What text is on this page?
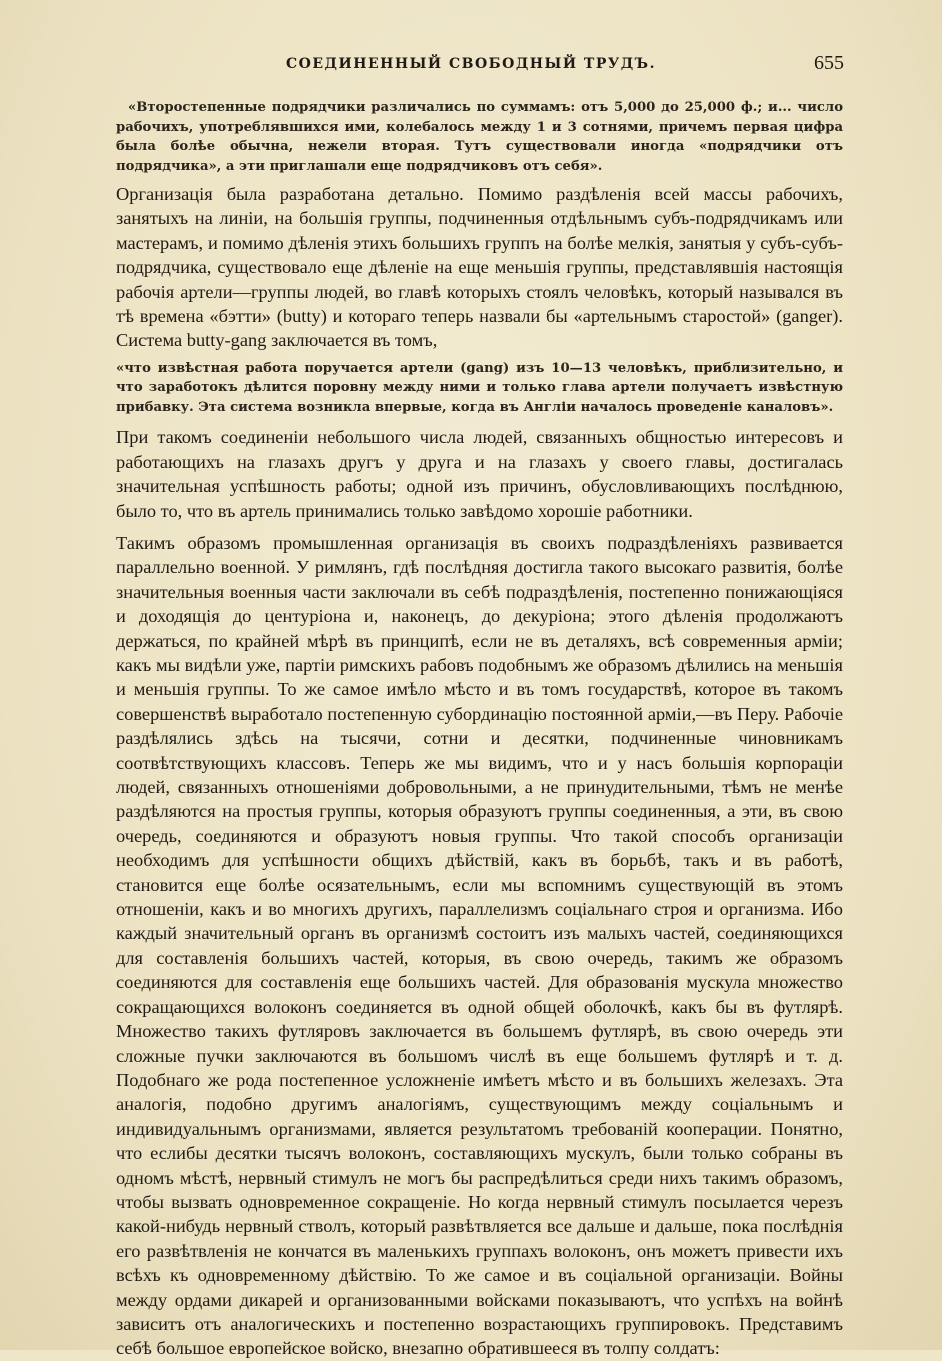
СОЕДИНЕННЫЙ СВОБОДНЫЙ ТРУДЪ.	655

«Второстепенные подрядчики различались по суммамъ: отъ 5,000 до 25,000 ф.; и... число рабочихъ, употреблявшихся ими, колебалось между 1 и 3 сотнями, причемъ первая цифра была болѣе обычна, нежели вторая. Тутъ существовали иногда «подрядчики отъ подрядчика», а эти приглашали еще подрядчиковъ отъ себя».

Организація была разработана детально. Помимо раздѣленія всей массы рабочихъ, занятыхъ на линіи, на большія группы, подчиненныя отдѣльнымъ субъ-подрядчикамъ или мастерамъ, и помимо дѣленія этихъ большихъ группъ на болѣе мелкія, занятыя у субъ-субъ-подрядчика, существовало еще дѣленіе на еще меньшія группы, представлявшія настоящія рабочія артели—группы людей, во главѣ которыхъ стоялъ человѣкъ, который назывался въ тѣ времена «бэтти» (butty) и котораго теперь назвали бы «артельнымъ старостой» (ganger). Система butty-gang заключается въ томъ,

«что извѣстная работа поручается артели (gang) изъ 10—13 человѣкъ, приблизительно, и что заработокъ дѣлится поровну между ними и только глава артели получаетъ извѣстную прибавку. Эта система возникла впервые, когда въ Англіи началось проведеніе каналовъ».

При такомъ соединеніи небольшого числа людей, связанныхъ общностью интересовъ и работающихъ на глазахъ другъ у друга и на глазахъ у своего главы, достигалась значительная успѣшность работы; одной изъ причинъ, обусловливающихъ послѣднюю, было то, что въ артель принимались только завѣдомо хорошіе работники.

Такимъ образомъ промышленная организація въ своихъ подраздѣленіяхъ развивается параллельно военной. У римлянъ, гдѣ послѣдняя достигла такого высокаго развитія, болѣе значительныя военныя части заключали въ себѣ подраздѣленія, постепенно понижающіяся и доходящія до центуріона и, наконецъ, до декуріона; этого дѣленія продолжаютъ держаться, по крайней мѣрѣ въ принципѣ, если не въ деталяхъ, всѣ современныя арміи; какъ мы видѣли уже, партіи римскихъ рабовъ подобнымъ же образомъ дѣлились на меньшія и меньшія группы. То же самое имѣло мѣсто и въ томъ государствѣ, которое въ такомъ совершенствѣ выработало постепенную субординацію постоянной арміи,—въ Перу. Рабочіе раздѣлялись здѣсь на тысячи, сотни и десятки, подчиненные чиновникамъ соотвѣтствующихъ классовъ. Теперь же мы видимъ, что и у насъ большія корпораціи людей, связанныхъ отношеніями добровольными, а не принудительными, тѣмъ не менѣе раздѣляются на простыя группы, которыя образуютъ группы соединенныя, а эти, въ свою очередь, соединяются и образуютъ новыя группы. Что такой способъ организаціи необходимъ для успѣшности общихъ дѣйствій, какъ въ борьбѣ, такъ и въ работѣ, становится еще болѣе осязательнымъ, если мы вспомнимъ существующій въ этомъ отношеніи, какъ и во многихъ другихъ, параллелизмъ соціальнаго строя и организма. Ибо каждый значительный органъ въ организмѣ состоитъ изъ малыхъ частей, соединяющихся для составленія большихъ частей, которыя, въ свою очередь, такимъ же образомъ соединяются для составленія еще большихъ частей. Для образованія мускула множество сокращающихся волоконъ соединяется въ одной общей оболочкѣ, какъ бы въ футлярѣ. Множество такихъ футляровъ заключается въ большемъ футлярѣ, въ свою очередь эти сложные пучки заключаются въ большомъ числѣ въ еще большемъ футлярѣ и т. д. Подобнаго же рода постепенное усложненіе имѣетъ мѣсто и въ большихъ железахъ. Эта аналогія, подобно другимъ аналогіямъ, существующимъ между соціальнымъ и индивидуальнымъ организмами, является результатомъ требованій кооперации. Понятно, что еслибы десятки тысячъ волоконъ, составляющихъ мускулъ, были только собраны въ одномъ мѣстѣ, нервный стимулъ не могъ бы распредѣлиться среди нихъ такимъ образомъ, чтобы вызвать одновременное сокращеніе. Но когда нервный стимулъ посылается черезъ какой-нибудь нервный стволъ, который развѣтвляется все дальше и дальше, пока послѣднія его развѣтвленія не кончатся въ маленькихъ группахъ волоконъ, онъ можетъ привести ихъ всѣхъ къ одновременному дѣйствію. То же самое и въ соціальной организаціи. Войны между ордами дикарей и организованными войсками показываютъ, что успѣхъ на войнѣ зависитъ отъ аналогическихъ и постепенно возрастающихъ группировокъ. Представимъ себѣ большое европейское войско, внезапно обратившееся въ толпу солдатъ:
